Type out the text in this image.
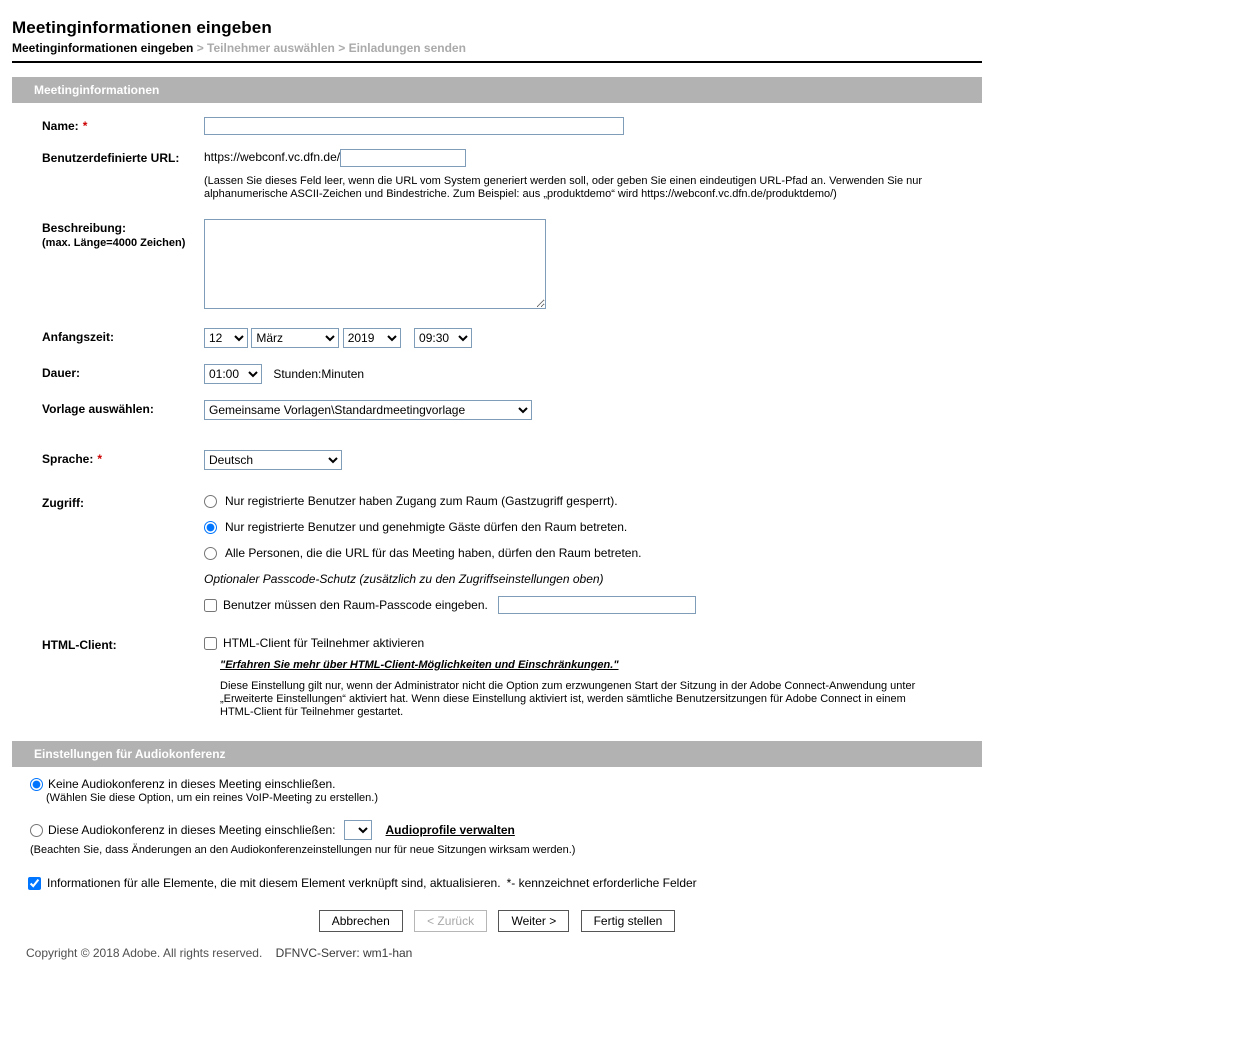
Meetinginformationen eingeben
Meetinginformationen eingeben > Teilnehmer auswählen > Einladungen senden
Meetinginformationen
Name: *
Benutzerdefinierte URL:	https://webconf.vc.dfn.de/
(Lassen Sie dieses Feld leer, wenn die URL vom System generiert werden soll, oder geben Sie einen eindeutigen URL-Pfad an. Verwenden Sie nur alphanumerische ASCII-Zeichen und Bindestriche. Zum Beispiel: aus „produktdemo“ wird https://webconf.vc.dfn.de/produktdemo/)
Beschreibung:
(max. Länge=4000 Zeichen)
Anfangszeit:
12
März
2019
09:30
Dauer:
01:00	Stunden:Minuten
Vorlage auswählen:
Gemeinsame Vorlagen\Standardmeetingvorlage
Sprache: *
Deutsch
Zugriff:	Nur registrierte Benutzer haben Zugang zum Raum (Gastzugriff gesperrt).
Nur registrierte Benutzer und genehmigte Gäste dürfen den Raum betreten.
Alle Personen, die die URL für das Meeting haben, dürfen den Raum betreten.
Optionaler Passcode-Schutz (zusätzlich zu den Zugriffseinstellungen oben)
Benutzer müssen den Raum-Passcode eingeben.
HTML-Client:	HTML-Client für Teilnehmer aktivieren
"Erfahren Sie mehr über HTML-Client-Möglichkeiten und Einschränkungen."
Diese Einstellung gilt nur, wenn der Administrator nicht die Option zum erzwungenen Start der Sitzung in der Adobe Connect-Anwendung unter „Erweiterte Einstellungen“ aktiviert hat. Wenn diese Einstellung aktiviert ist, werden sämtliche Benutzersitzungen für Adobe Connect in einem HTML-Client für Teilnehmer gestartet.
Einstellungen für Audiokonferenz
Keine Audiokonferenz in dieses Meeting einschließen.
(Wählen Sie diese Option, um ein reines VoIP-Meeting zu erstellen.)
Diese Audiokonferenz in dieses Meeting einschließen:	Audioprofile verwalten
(Beachten Sie, dass Änderungen an den Audiokonferenzeinstellungen nur für neue Sitzungen wirksam werden.)
Informationen für alle Elemente, die mit diesem Element verknüpft sind, aktualisieren. *- kennzeichnet erforderliche Felder
Abbrechen	< Zurück	Weiter >	Fertig stellen
Copyright © 2018 Adobe. All rights reserved. DFNVC-Server: wm1-han
